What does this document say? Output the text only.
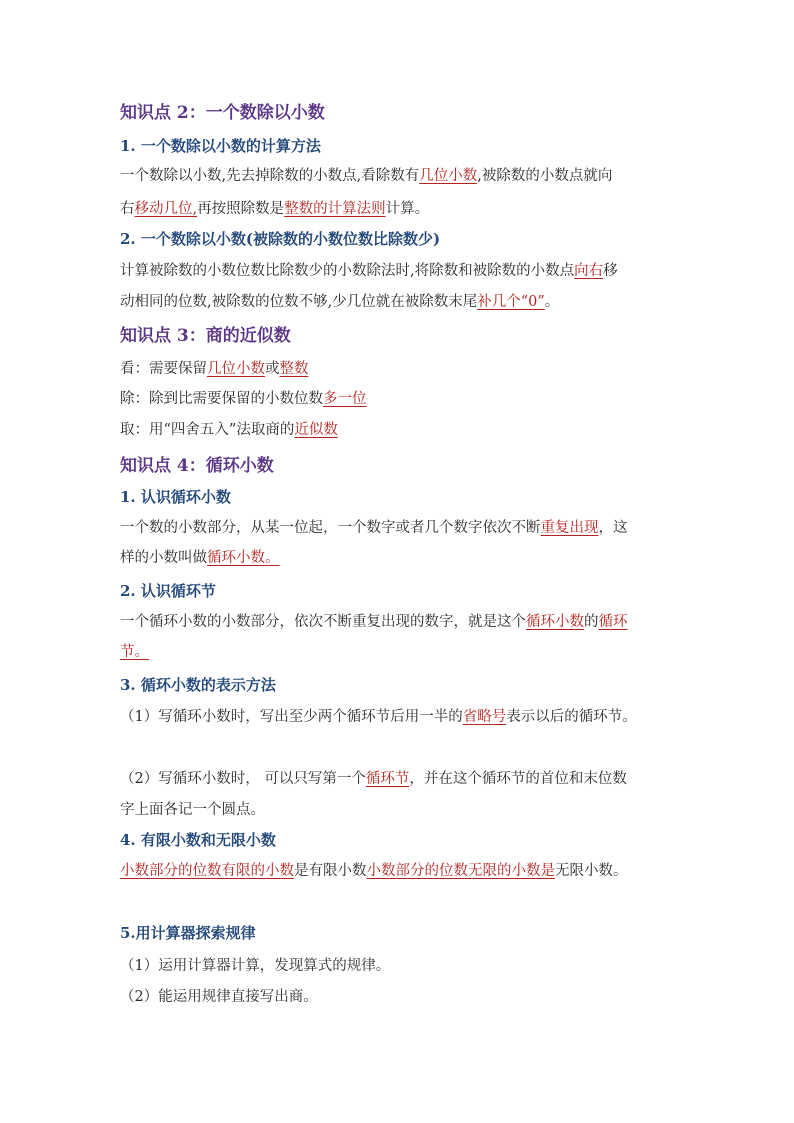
知识点 2：一个数除以小数
1. 一个数除以小数的计算方法
一个数除以小数,先去掉除数的小数点,看除数有几位小数,被除数的小数点就向
右移动几位,再按照除数是整数的计算法则计算。
2. 一个数除以小数(被除数的小数位数比除数少)
计算被除数的小数位数比除数少的小数除法时,将除数和被除数的小数点向右移
动相同的位数,被除数的位数不够,少几位就在被除数末尾补几个“0”。
知识点 3：商的近似数
看：需要保留几位小数或整数
除：除到比需要保留的小数位数多一位
取：用“四舍五入”法取商的近似数
知识点 4：循环小数
1. 认识循环小数
一个数的小数部分，从某一位起，一个数字或者几个数字依次不断重复出现，这
样的小数叫做循环小数。
2. 认识循环节
一个循环小数的小数部分，依次不断重复出现的数字，就是这个循环小数的循环
节。
3. 循环小数的表示方法
（1）写循环小数时，写出至少两个循环节后用一半的省略号表示以后的循环节。
（2）写循环小数时， 可以只写第一个循环节，并在这个循环节的首位和末位数
字上面各记一个圆点。
4. 有限小数和无限小数
小数部分的位数有限的小数是有限小数小数部分的位数无限的小数是无限小数。
5.用计算器探索规律
（1）运用计算器计算，发现算式的规律。
（2）能运用规律直接写出商。
